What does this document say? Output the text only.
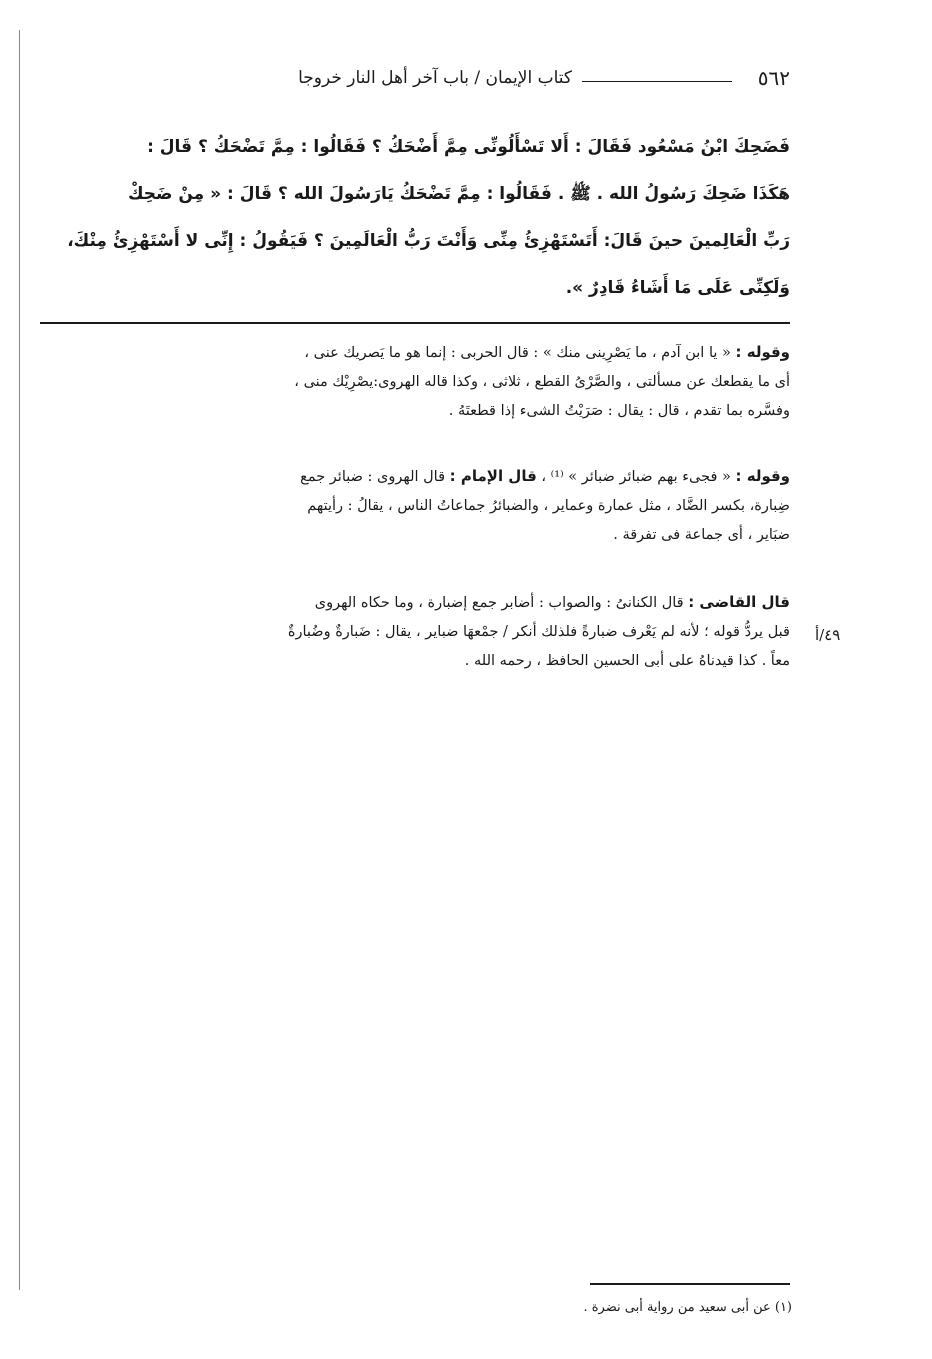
٥٦٢
كتاب الإيمان / باب آخر أهل النار خروجا
فَضَحِكَ ابْنُ مَسْعُود فَقَالَ : أَلا تَسْأَلُونِّى مِمَّ أَضْحَكُ ؟ فَقَالُوا : مِمَّ تَضْحَكُ ؟ قَالَ :
هَكَذَا ضَحِكَ رَسُولُ الله . ﷺ . فَقَالُوا : مِمَّ تَضْحَكُ يَارَسُولَ الله ؟ قَالَ : « مِنْ ضَحِكْ
رَبِّ الْعَالِمينَ حينَ قَالَ: أَتَسْتَهْزِئُ مِنِّى وَأَنْتَ رَبُّ الْعَالَمِينَ ؟ فَيَقُولُ : إِنِّى لا أَسْتَهْزِئُ مِنْكَ،
وَلَكِنِّى عَلَى مَا أَشَاءُ قَادِرٌ ».
وقوله : « يا ابن آدم ، ما يَصْرِينى منك » : قال الحربى : إنما هو ما يَصريك عنى ،
أى ما يقطعك عن مسألتى ، والصَّرْىُ القطع ، ثلاثى ، وكذا قاله الهروى:يصْرِيْك منى ،
وفسَّره بما تقدم ، قال : يقال : صَرَيْتُ الشىء إذا قطعتَهُ .
وقوله : « فجىء بهم ضبائر ضبائر » ⁽¹⁾ ، قال الإمام : قال الهروى : ضبائر جمع
ضِبارة، بكسر الضَّاد ، مثل عمارة وعماير ، والضبائرُ جماعاتُ الناس ، يقالُ : رأيتهم
ضبَاير ، أى جماعة فى تفرقة .
قال القاضى : قال الكنانىُ : والصواب : أضابر جمع إضبارة ، وما حكاه الهروى
قبل يردُّ قوله ؛ لأنه لم يَعْرف ضبارةً فلذلك أنكر / جمْعهَا ضباير ، يقال : ضَبارةٌ وضُبارةٌ
معاً . كذا قيدناهُ على أبى الحسين الحافظ ، رحمه الله .
٤٩/أ
(١) عن أبى سعيد من رواية أبى نضرة .
